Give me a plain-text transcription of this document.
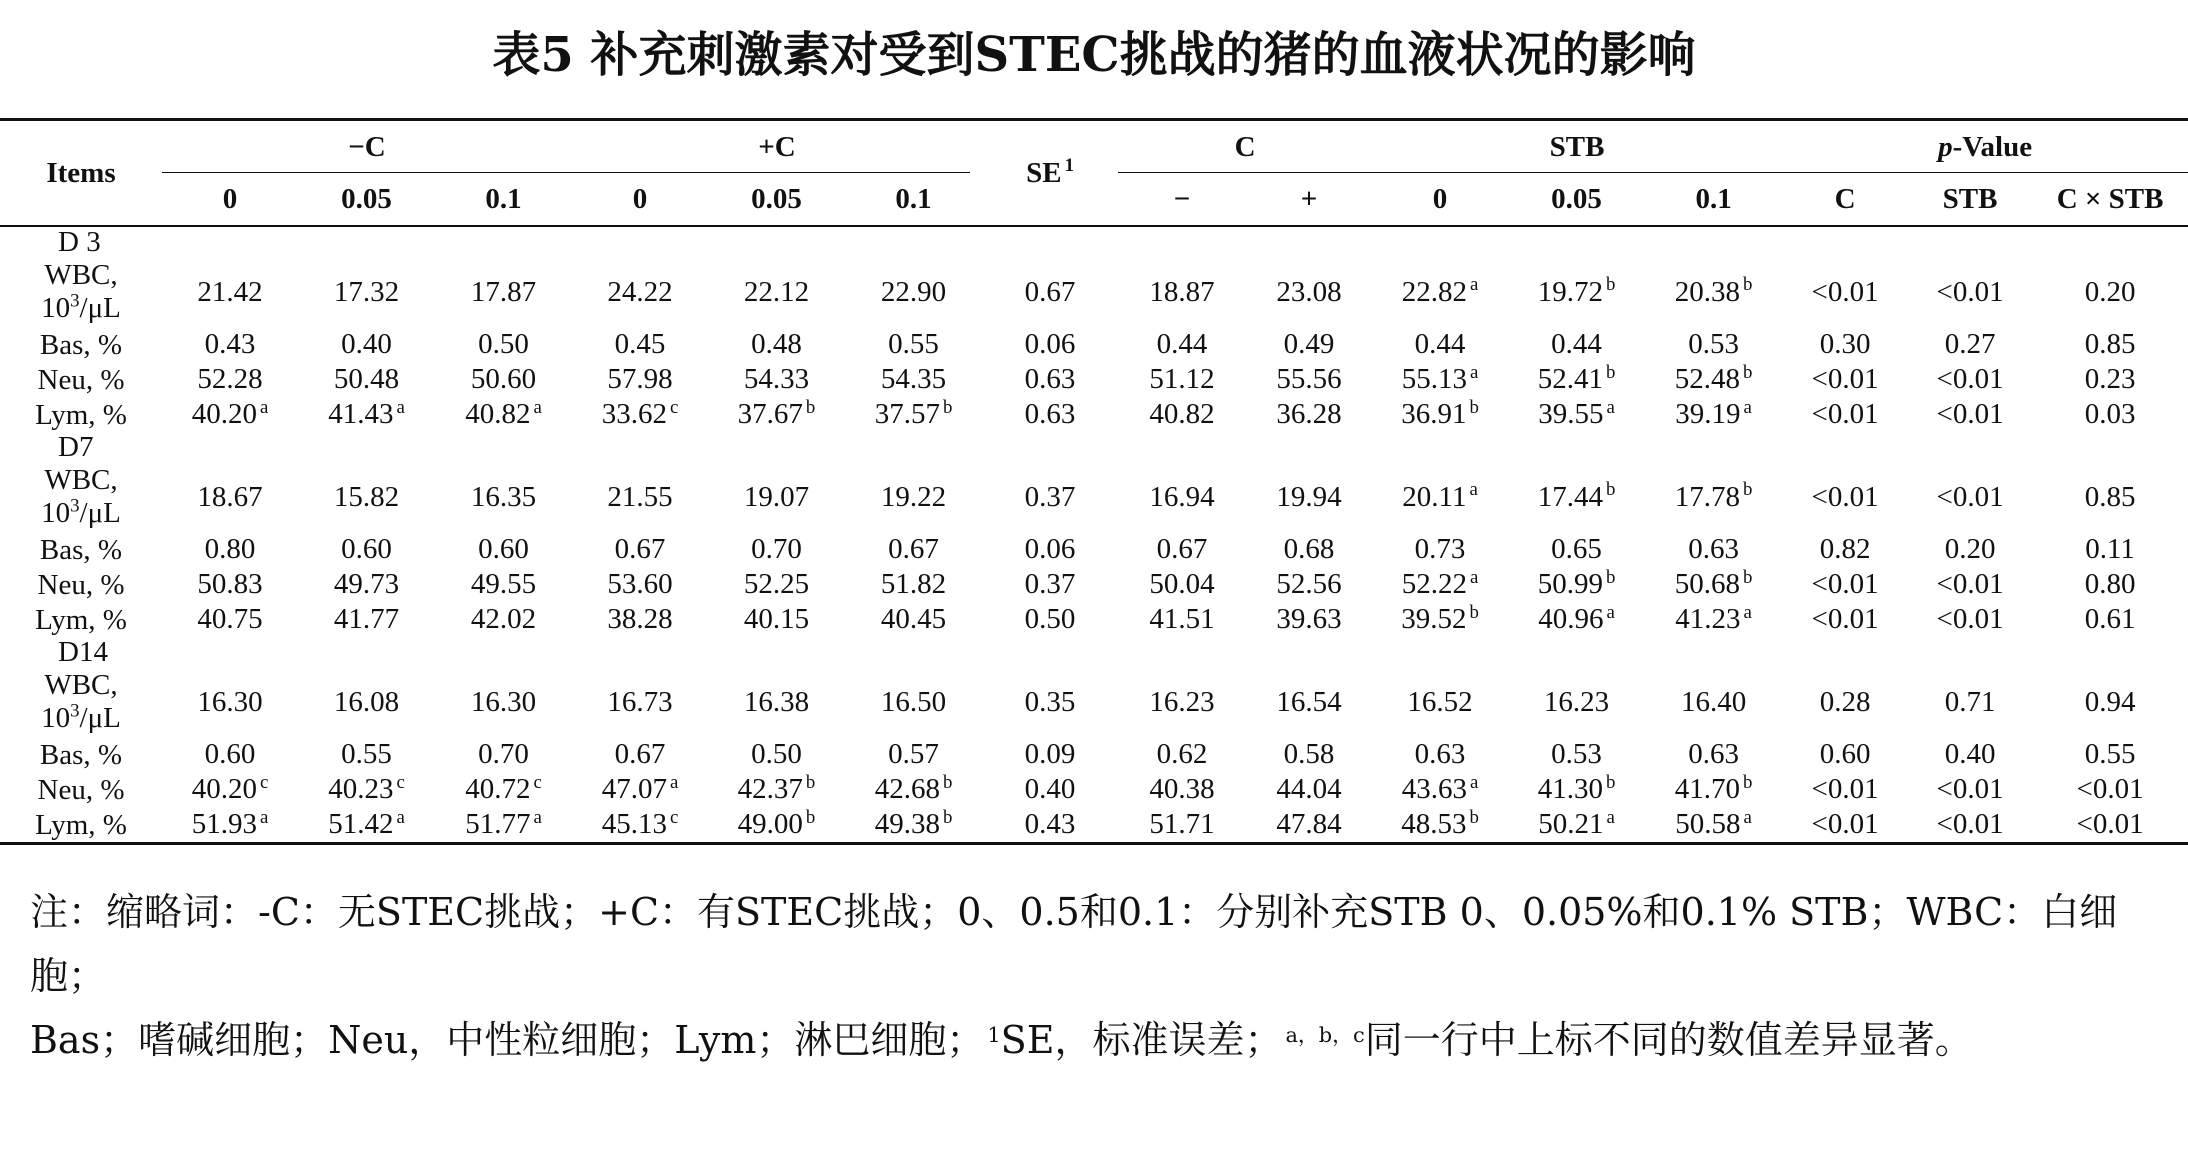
表5 补充刺激素对受到STEC挑战的猪的血液状况的影响
Items	−C			+C			SE $^1$	C		STB			p-Value		

	0	0.05	0.1	0	0.05	0.1		−	+	0	0.05	0.1	C	STB	C × STB
D 3															
WBC,
$10^3/\mu L$	21.42	17.32	17.87	24.22	22.12	22.90	0.67	18.87	23.08	22.82 $^a$	19.72 $^b$	20.38 $^b$	<0.01	<0.01	0.20
Bas, %	0.43	0.40	0.50	0.45	0.48	0.55	0.06	0.44	0.49	0.44	0.44	0.53	0.30	0.27	0.85
Neu, %	52.28	50.48	50.60	57.98	54.33	54.35	0.63	51.12	55.56	55.13 $^a$	52.41 $^b$	52.48 $^b$	<0.01	<0.01	0.23
Lym, %	40.20 $^a$	41.43 $^a$	40.82 $^a$	33.62 $^c$	37.67 $^b$	37.57 $^b$	0.63	40.82	36.28	36.91 $^b$	39.55 $^a$	39.19 $^a$	<0.01	<0.01	0.03
D7															
WBC,
$10^3/\mu L$	18.67	15.82	16.35	21.55	19.07	19.22	0.37	16.94	19.94	20.11 $^a$	17.44 $^b$	17.78 $^b$	<0.01	<0.01	0.85
Bas, %	0.80	0.60	0.60	0.67	0.70	0.67	0.06	0.67	0.68	0.73	0.65	0.63	0.82	0.20	0.11
Neu, %	50.83	49.73	49.55	53.60	52.25	51.82	0.37	50.04	52.56	52.22 $^a$	50.99 $^b$	50.68 $^b$	<0.01	<0.01	0.80
Lym, %	40.75	41.77	42.02	38.28	40.15	40.45	0.50	41.51	39.63	39.52 $^b$	40.96 $^a$	41.23 $^a$	<0.01	<0.01	0.61
D14															
WBC,
$10^3/\mu L$	16.30	16.08	16.30	16.73	16.38	16.50	0.35	16.23	16.54	16.52	16.23	16.40	0.28	0.71	0.94
Bas, %	0.60	0.55	0.70	0.67	0.50	0.57	0.09	0.62	0.58	0.63	0.53	0.63	0.60	0.40	0.55
Neu, %	40.20 $^c$	40.23 $^c$	40.72 $^c$	47.07 $^a$	42.37 $^b$	42.68 $^b$	0.40	40.38	44.04	43.63 $^a$	41.30 $^b$	41.70 $^b$	<0.01	<0.01	<0.01
Lym, %	51.93 $^a$	51.42 $^a$	51.77 $^a$	45.13 $^c$	49.00 $^b$	49.38 $^b$	0.43	51.71	47.84	48.53 $^b$	50.21 $^a$	50.58 $^a$	<0.01	<0.01	<0.01
注：缩略词：-C：无STEC挑战；+C：有STEC挑战；0、0.5和0.1：分别补充STB 0、0.05%和0.1% STB；WBC：白细胞；
Bas；嗜碱细胞；Neu，中性粒细胞；Lym；淋巴细胞； $^1$SE，标准误差； $^{a,b,c}$同一行中上标不同的数值差异显著。
